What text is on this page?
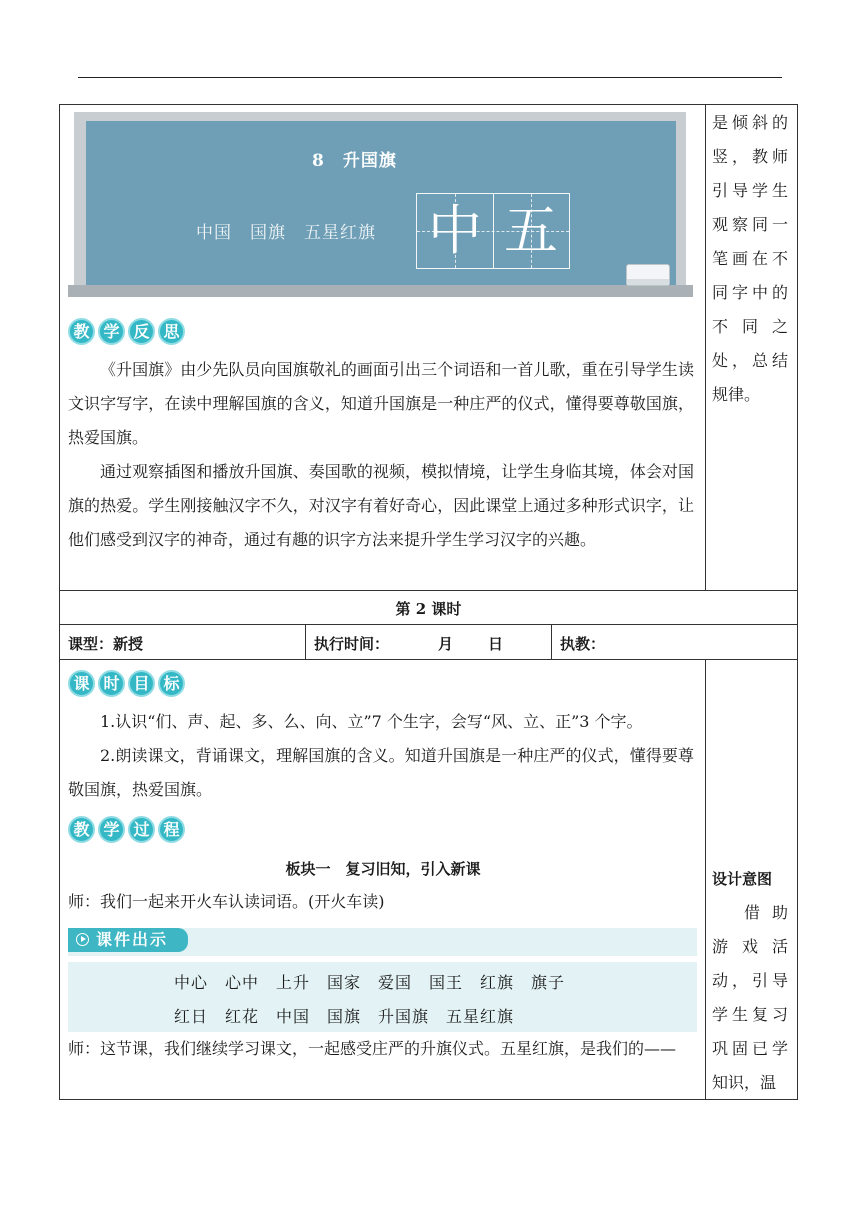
8　升国旗
中国　国旗　五星红旗 中 五
教 学 反 思
《升国旗》由少先队员向国旗敬礼的画面引出三个词语和一首儿歌，重在引导学生读文识字写字，在读中理解国旗的含义，知道升国旗是一种庄严的仪式，懂得要尊敬国旗，热爱国旗。
通过观察插图和播放升国旗、奏国歌的视频，模拟情境，让学生身临其境，体会对国旗的热爱。学生刚接触汉字不久，对汉字有着好奇心，因此课堂上通过多种形式识字，让他们感受到汉字的神奇，通过有趣的识字方法来提升学生学习汉字的兴趣。
是倾斜的竖，教师引导学生观察同一笔画在不同字中的不同之处，总结规律。
第 2 课时
课型：新授	执行时间：	月 日	执教：
课 时 目 标
1.认识“们、声、起、多、么、向、立”7 个生字，会写“风、立、正”3 个字。
2.朗读课文，背诵课文，理解国旗的含义。知道升国旗是一种庄严的仪式，懂得要尊敬国旗，热爱国旗。
教 学 过 程
板块一　复习旧知，引入新课
师：我们一起来开火车认读词语。(开火车读)
课件出示
中心　心中　上升　国家　爱国　国王　红旗　旗子
红日　红花　中国　国旗　升国旗　五星红旗
师：这节课，我们继续学习课文，一起感受庄严的升旗仪式。五星红旗，是我们的——
设计意图
借助游戏活动，引导学生复习巩固已学知识，温
